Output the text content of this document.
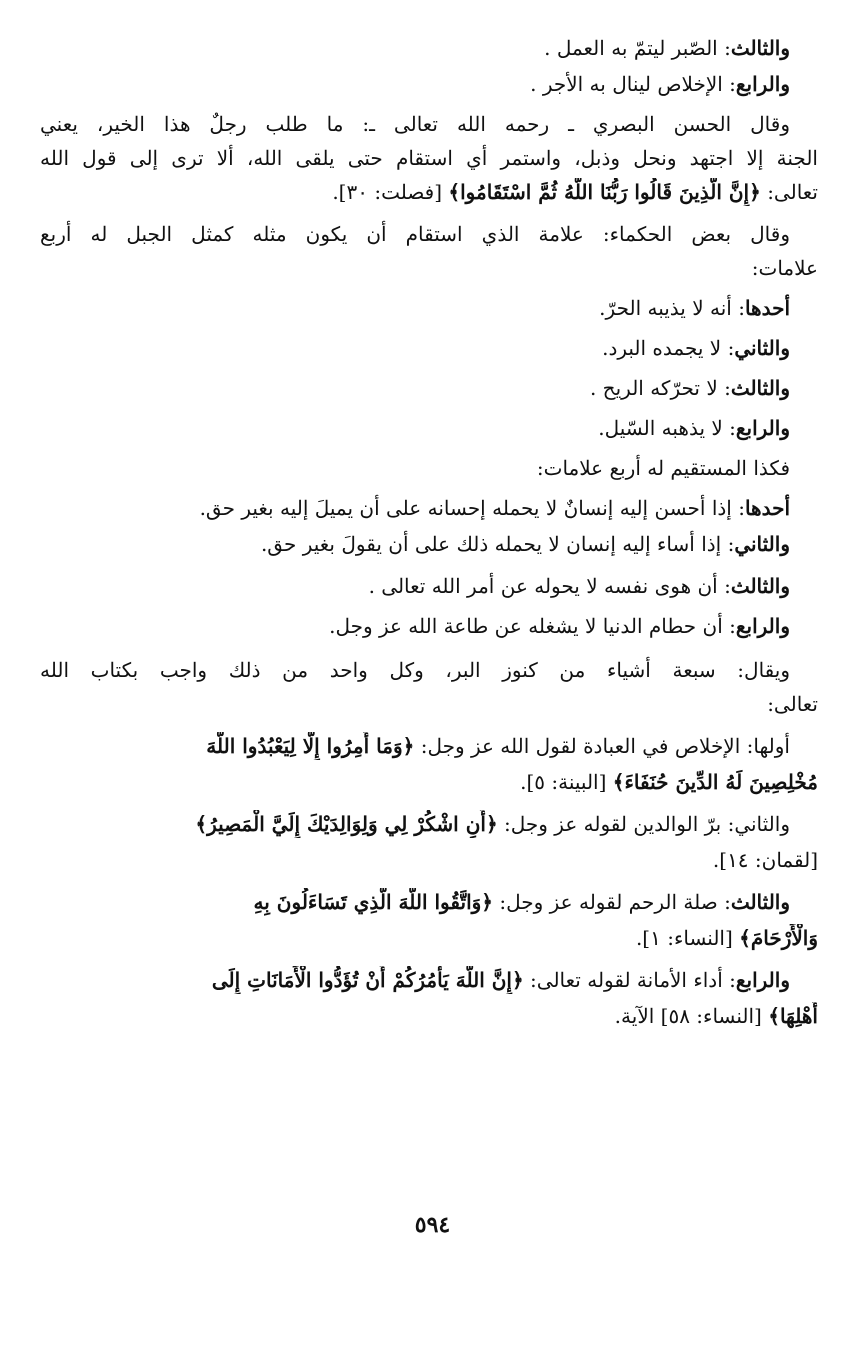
والثالث: الصّبر ليتمّ به العمل .
والرابع: الإخلاص لينال به الأجر .
وقال الحسن البصري ـ رحمه الله تعالى ـ: ما طلب رجلٌ هذا الخير، يعني
الجنة إلا اجتهد ونحل وذبل، واستمر أي استقام حتى يلقى الله، ألا ترى إلى قول الله
تعالى: ﴿إِنَّ الَّذِينَ قَالُوا رَبُّنَا اللَّهُ ثُمَّ اسْتَقَامُوا﴾ [فصلت: ٣٠].
وقال بعض الحكماء: علامة الذي استقام أن يكون مثله كمثل الجبل له أربع
علامات:
أحدها: أنه لا يذيبه الحرّ.
والثاني: لا يجمده البرد.
والثالث: لا تحرّكه الريح .
والرابع: لا يذهبه السّيل.
فكذا المستقيم له أربع علامات:
أحدها: إذا أحسن إليه إنسانٌ لا يحمله إحسانه على أن يميلَ إليه بغير حق.
والثاني: إذا أساء إليه إنسان لا يحمله ذلك على أن يقولَ بغير حق.
والثالث: أن هوى نفسه لا يحوله عن أمر الله تعالى .
والرابع: أن حطام الدنيا لا يشغله عن طاعة الله عز وجل.
ويقال: سبعة أشياء من كنوز البر، وكل واحد من ذلك واجب بكتاب الله
تعالى:
أولها: الإخلاص في العبادة لقول الله عز وجل: ﴿وَمَا أُمِرُوا إِلَّا لِيَعْبُدُوا اللَّهَ
مُخْلِصِينَ لَهُ الدِّينَ حُنَفَاءَ﴾ [البينة: ٥].
والثاني: برّ الوالدين لقوله عز وجل: ﴿أَنِ اشْكُرْ لِي وَلِوَالِدَيْكَ إِلَيَّ الْمَصِيرُ﴾
[لقمان: ١٤].
والثالث: صلة الرحم لقوله عز وجل: ﴿وَاتَّقُوا اللَّهَ الَّذِي تَسَاءَلُونَ بِهِ
وَالْأَرْحَامَ﴾ [النساء: ١].
والرابع: أداء الأمانة لقوله تعالى: ﴿إِنَّ اللَّهَ يَأْمُرُكُمْ أَنْ تُؤَدُّوا الْأَمَانَاتِ إِلَى
أَهْلِهَا﴾ [النساء: ٥٨] الآية.
٥٩٤
